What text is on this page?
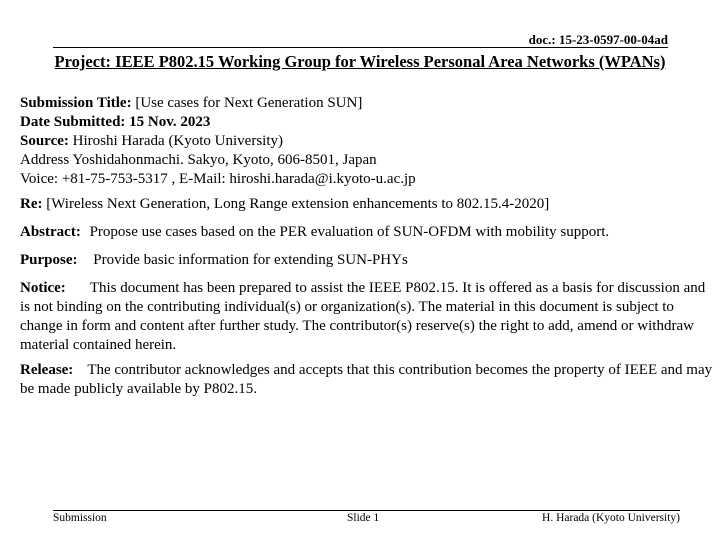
doc.: 15-23-0597-00-04ad
Project: IEEE P802.15 Working Group for Wireless Personal Area Networks (WPANs)
Submission Title: [Use cases for Next Generation SUN]
Date Submitted: 15 Nov. 2023
Source: Hiroshi Harada (Kyoto University)
Address Yoshidahonmachi. Sakyo, Kyoto, 606-8501, Japan
Voice: +81-75-753-5317 , E-Mail: hiroshi.harada@i.kyoto-u.ac.jp
Re: [Wireless Next Generation, Long Range extension enhancements to 802.15.4-2020]
Abstract: Propose use cases based on the PER evaluation of SUN-OFDM with mobility support.
Purpose: Provide basic information for extending SUN-PHYs
Notice: This document has been prepared to assist the IEEE P802.15. It is offered as a basis for discussion and is not binding on the contributing individual(s) or organization(s). The material in this document is subject to change in form and content after further study. The contributor(s) reserve(s) the right to add, amend or withdraw material contained herein.
Release: The contributor acknowledges and accepts that this contribution becomes the property of IEEE and may be made publicly available by P802.15.
Submission	Slide 1	H. Harada (Kyoto University)
